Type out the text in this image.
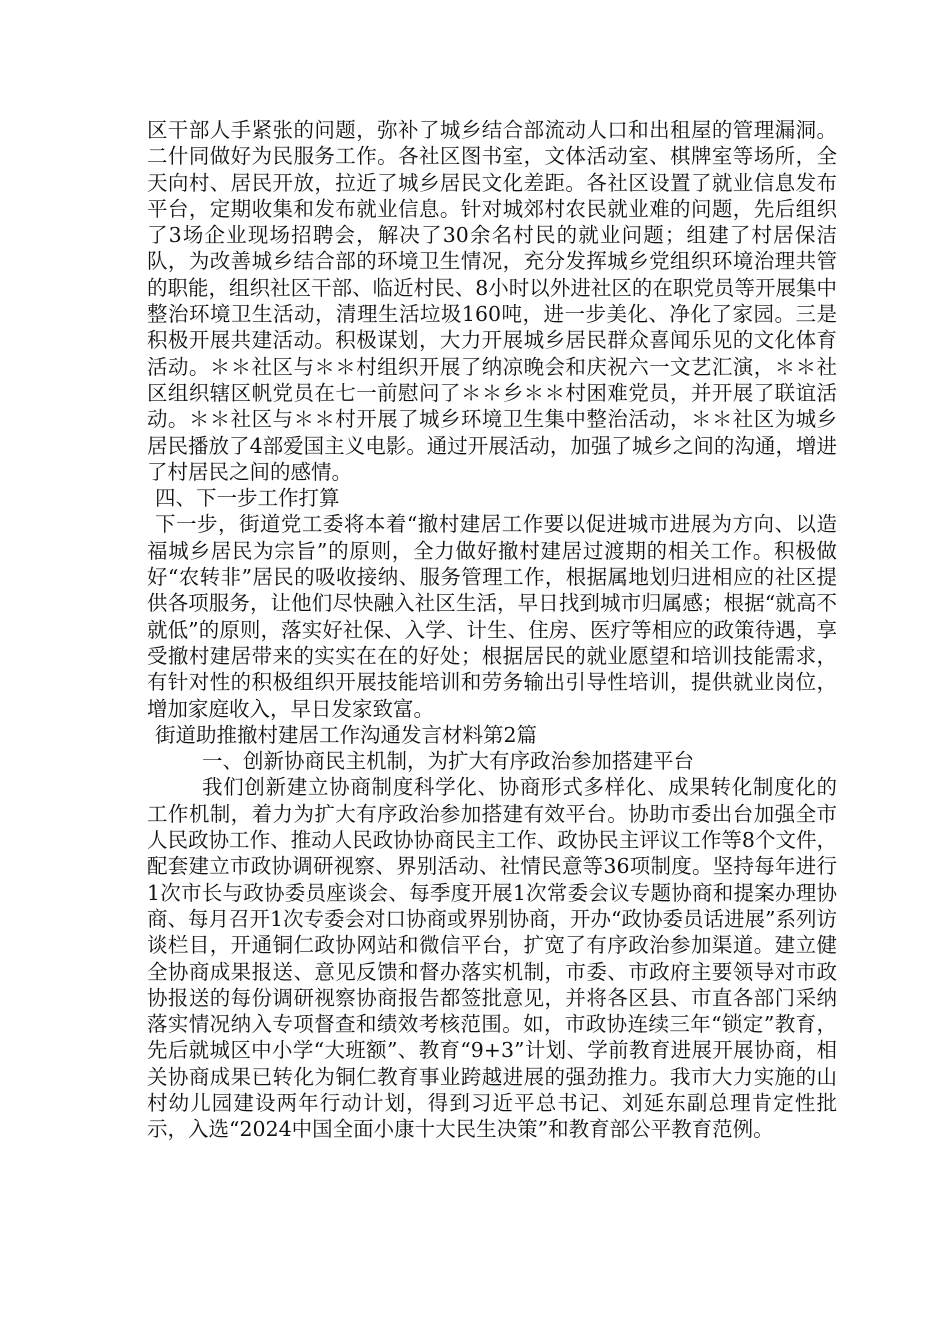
区干部人手紧张的问题，弥补了城乡结合部流动人口和出租屋的管理漏洞。二什同做好为民服务工作。各社区图书室，文体活动室、棋牌室等场所，全天向村、居民开放，拉近了城乡居民文化差距。各社区设置了就业信息发布平台，定期收集和发布就业信息。针对城郊村农民就业难的问题，先后组织了3场企业现场招聘会，解决了30余名村民的就业问题；组建了村居保洁队，为改善城乡结合部的环境卫生情况，充分发挥城乡党组织环境治理共管的职能，组织社区干部、临近村民、8小时以外进社区的在职党员等开展集中整治环境卫生活动，清理生活垃圾160吨，进一步美化、净化了家园。三是积极开展共建活动。积极谋划，大力开展城乡居民群众喜闻乐见的文化体育活动。＊＊社区与＊＊村组织开展了纳凉晚会和庆祝六一文艺汇演，＊＊社区组织辖区帆党员在七一前慰问了＊＊乡＊＊村困难党员，并开展了联谊活动。＊＊社区与＊＊村开展了城乡环境卫生集中整治活动，＊＊社区为城乡居民播放了4部爱国主义电影。通过开展活动，加强了城乡之间的沟通，增进了村居民之间的感情。

四、下一步工作打算

下一步，街道党工委将本着“撤村建居工作要以促进城市进展为方向、以造福城乡居民为宗旨”的原则，全力做好撤村建居过渡期的相关工作。积极做好“农转非”居民的吸收接纳、服务管理工作，根据属地划归进相应的社区提供各项服务，让他们尽快融入社区生活，早日找到城市归属感；根据“就高不就低”的原则，落实好社保、入学、计生、住房、医疗等相应的政策待遇，享受撤村建居带来的实实在在的好处；根据居民的就业愿望和培训技能需求，有针对性的积极组织开展技能培训和劳务输出引导性培训，提供就业岗位，增加家庭收入，早日发家致富。

街道助推撤村建居工作沟通发言材料第2篇

一、创新协商民主机制，为扩大有序政治参加搭建平台

我们创新建立协商制度科学化、协商形式多样化、成果转化制度化的工作机制，着力为扩大有序政治参加搭建有效平台。协助市委出台加强全市人民政协工作、推动人民政协协商民主工作、政协民主评议工作等8个文件，配套建立市政协调研视察、界别活动、社情民意等36项制度。坚持每年进行1次市长与政协委员座谈会、每季度开展1次常委会议专题协商和提案办理协商、每月召开1次专委会对口协商或界别协商，开办“政协委员话进展”系列访谈栏目，开通铜仁政协网站和微信平台，扩宽了有序政治参加渠道。建立健全协商成果报送、意见反馈和督办落实机制，市委、市政府主要领导对市政协报送的每份调研视察协商报告都签批意见，并将各区县、市直各部门采纳落实情况纳入专项督查和绩效考核范围。如，市政协连续三年“锁定”教育，先后就城区中小学“大班额”、教育“9+3”计划、学前教育进展开展协商，相关协商成果已转化为铜仁教育事业跨越进展的强劲推力。我市大力实施的山村幼儿园建设两年行动计划，得到习近平总书记、刘延东副总理肯定性批示，入选“2024中国全面小康十大民生决策”和教育部公平教育范例。
